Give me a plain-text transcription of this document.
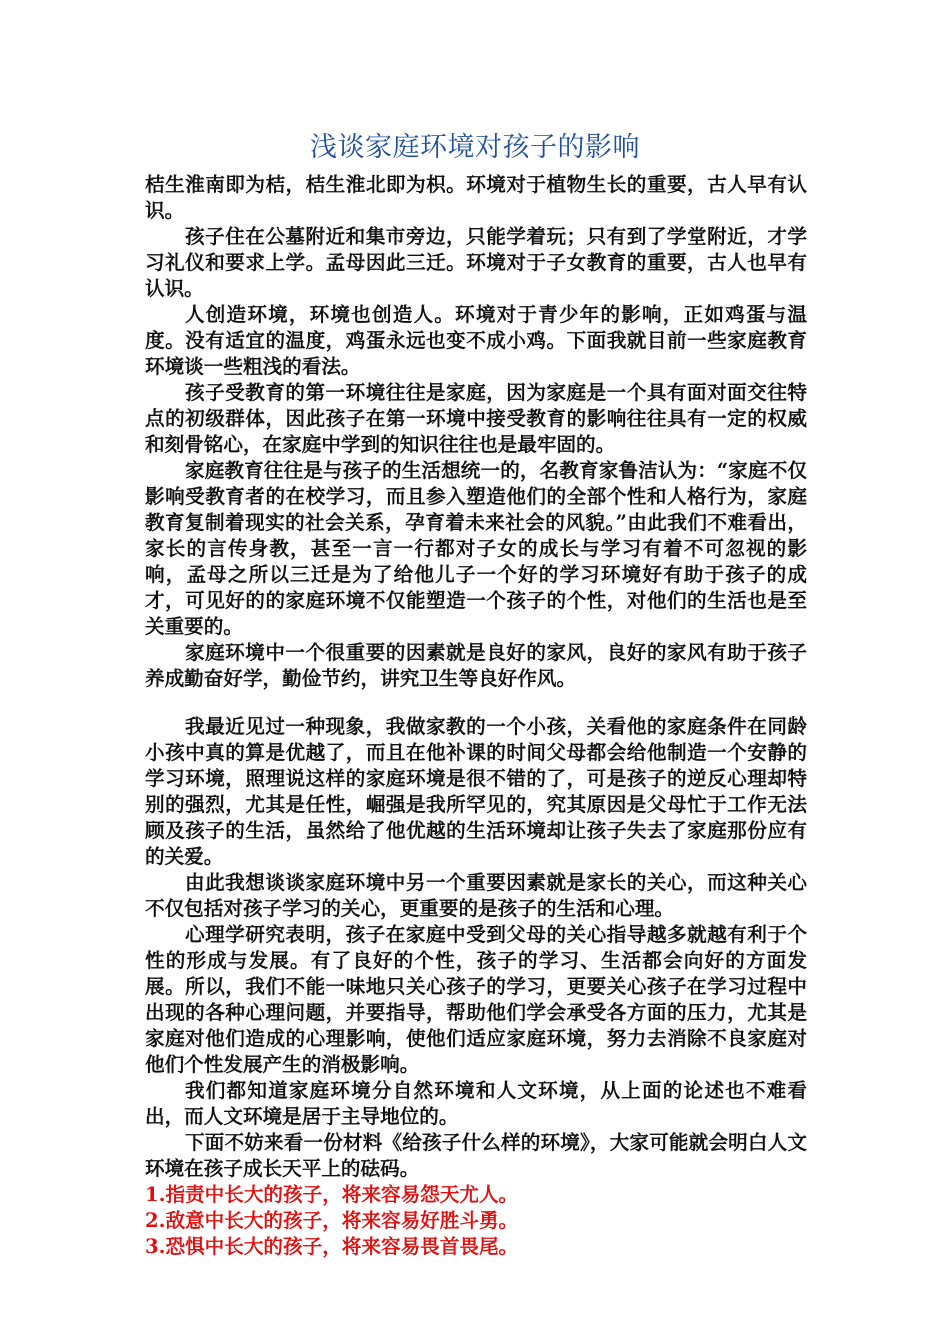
浅谈家庭环境对孩子的影响

桔生淮南即为桔，桔生淮北即为枳。环境对于植物生长的重要，古人早有认识。

孩子住在公墓附近和集市旁边，只能学着玩；只有到了学堂附近，才学习礼仪和要求上学。孟母因此三迁。环境对于子女教育的重要，古人也早有认识。

人创造环境，环境也创造人。环境对于青少年的影响，正如鸡蛋与温度。没有适宜的温度，鸡蛋永远也变不成小鸡。下面我就目前一些家庭教育环境谈一些粗浅的看法。

孩子受教育的第一环境往往是家庭，因为家庭是一个具有面对面交往特点的初级群体，因此孩子在第一环境中接受教育的影响往往具有一定的权威和刻骨铭心，在家庭中学到的知识往往也是最牢固的。

家庭教育往往是与孩子的生活想统一的，名教育家鲁洁认为：“家庭不仅影响受教育者的在校学习，而且参入塑造他们的全部个性和人格行为，家庭教育复制着现实的社会关系，孕育着未来社会的风貌。”由此我们不难看出，家长的言传身教，甚至一言一行都对子女的成长与学习有着不可忽视的影响，孟母之所以三迁是为了给他儿子一个好的学习环境好有助于孩子的成才，可见好的的家庭环境不仅能塑造一个孩子的个性，对他们的生活也是至关重要的。

家庭环境中一个很重要的因素就是良好的家风，良好的家风有助于孩子养成勤奋好学，勤俭节约，讲究卫生等良好作风。

我最近见过一种现象，我做家教的一个小孩，关看他的家庭条件在同龄小孩中真的算是优越了，而且在他补课的时间父母都会给他制造一个安静的学习环境，照理说这样的家庭环境是很不错的了，可是孩子的逆反心理却特别的强烈，尤其是任性，崛强是我所罕见的，究其原因是父母忙于工作无法顾及孩子的生活，虽然给了他优越的生活环境却让孩子失去了家庭那份应有的关爱。

由此我想谈谈家庭环境中另一个重要因素就是家长的关心，而这种关心不仅包括对孩子学习的关心，更重要的是孩子的生活和心理。

心理学研究表明，孩子在家庭中受到父母的关心指导越多就越有利于个性的形成与发展。有了良好的个性，孩子的学习、生活都会向好的方面发展。所以，我们不能一味地只关心孩子的学习，更要关心孩子在学习过程中出现的各种心理问题，并要指导，帮助他们学会承受各方面的压力，尤其是家庭对他们造成的心理影响，使他们适应家庭环境，努力去消除不良家庭对他们个性发展产生的消极影响。

我们都知道家庭环境分自然环境和人文环境，从上面的论述也不难看出，而人文环境是居于主导地位的。

下面不妨来看一份材料《给孩子什么样的环境》，大家可能就会明白人文环境在孩子成长天平上的砝码。

1.指责中长大的孩子，将来容易怨天尤人。

2.敌意中长大的孩子，将来容易好胜斗勇。

3.恐惧中长大的孩子，将来容易畏首畏尾。
